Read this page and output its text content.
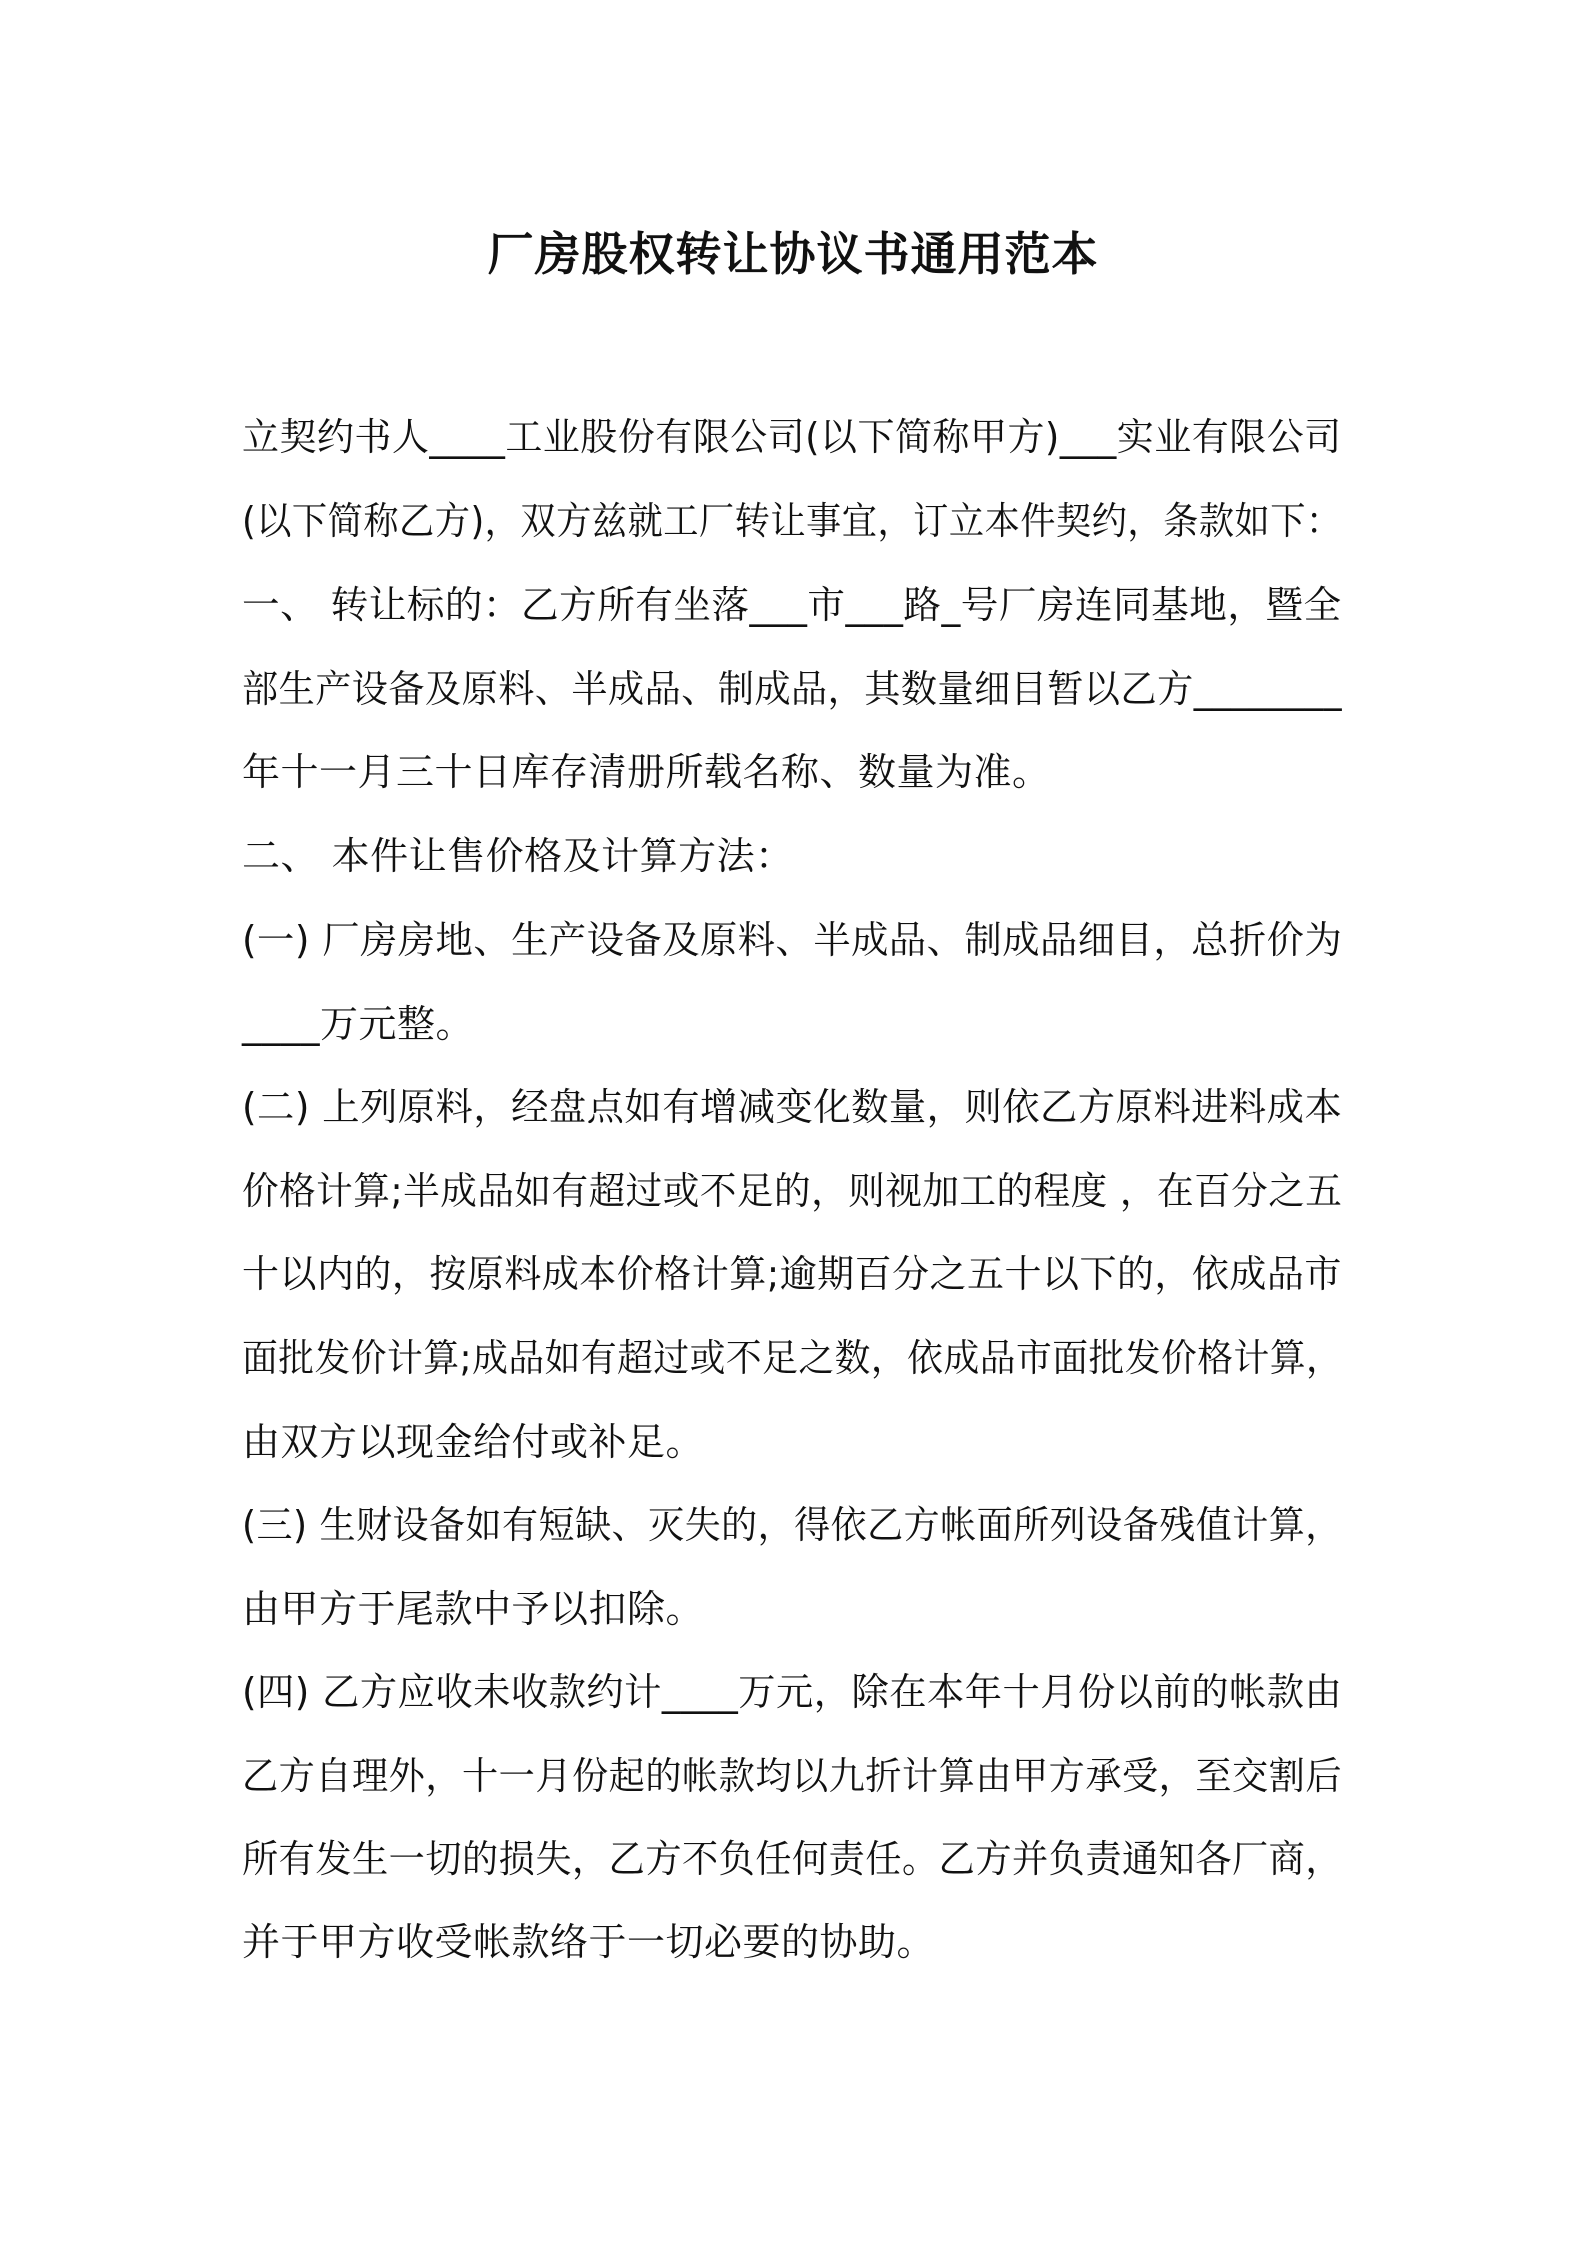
厂房股权转让协议书通用范本
立契约书人____工业股份有限公司(以下简称甲方)___实业有限公司
(以下简称乙方)，双方兹就工厂转让事宜，订立本件契约，条款如下：
一、 转让标的：乙方所有坐落___市___路_号厂房连同基地，暨全
部生产设备及原料、半成品、制成品，其数量细目暂以乙方________
年十一月三十日库存清册所载名称、数量为准。
二、 本件让售价格及计算方法：
(一) 厂房房地、生产设备及原料、半成品、制成品细目，总折价为
____万元整。
(二) 上列原料，经盘点如有增减变化数量，则依乙方原料进料成本
价格计算;半成品如有超过或不足的，则视加工的程度 ，在百分之五
十以内的，按原料成本价格计算;逾期百分之五十以下的，依成品市
面批发价计算;成品如有超过或不足之数，依成品市面批发价格计算，
由双方以现金给付或补足。
(三) 生财设备如有短缺、灭失的，得依乙方帐面所列设备残值计算，
由甲方于尾款中予以扣除。
(四) 乙方应收未收款约计____万元，除在本年十月份以前的帐款由
乙方自理外，十一月份起的帐款均以九折计算由甲方承受，至交割后
所有发生一切的损失，乙方不负任何责任。乙方并负责通知各厂商，
并于甲方收受帐款络于一切必要的协助。
